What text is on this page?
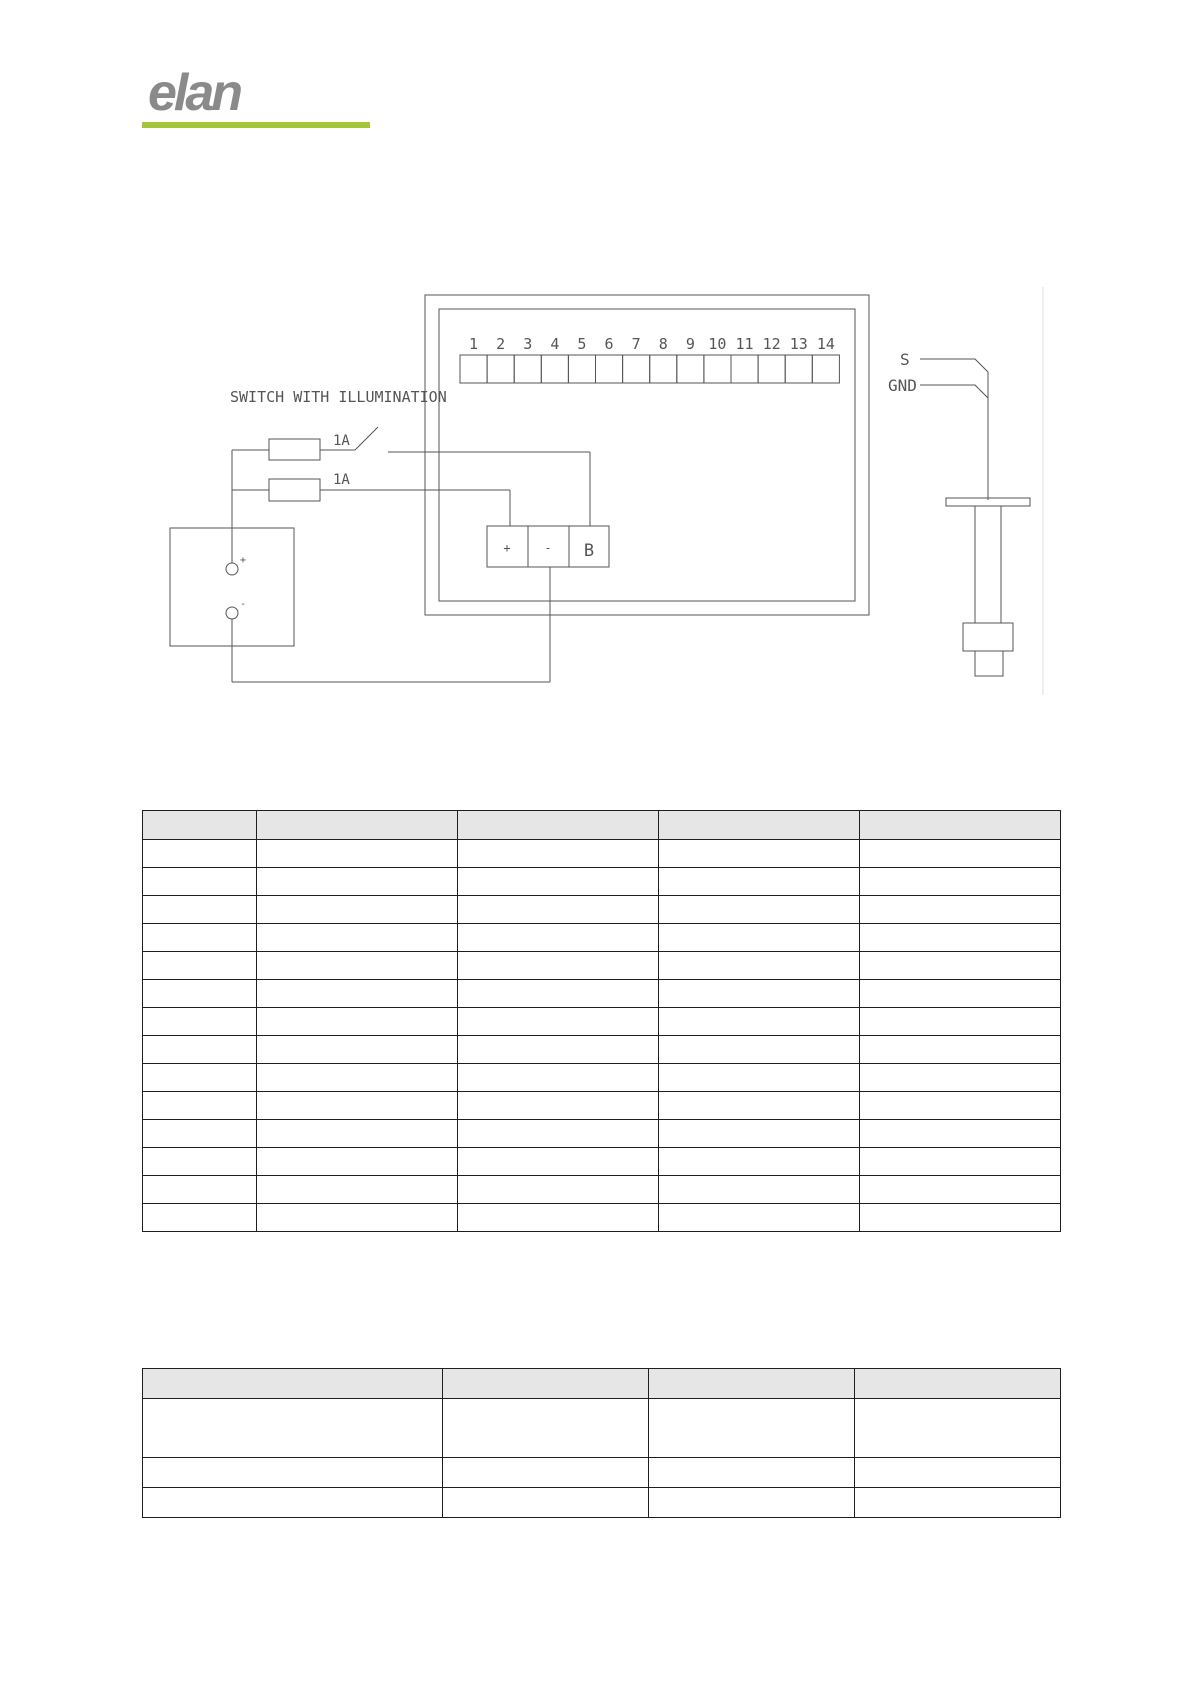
elan
1 2 3 4 5 6 7 8 9 10 11 12 13 14
+	- B
SWITCH WITH ILLUMINATION
1A
1A
+
-
S
GND
